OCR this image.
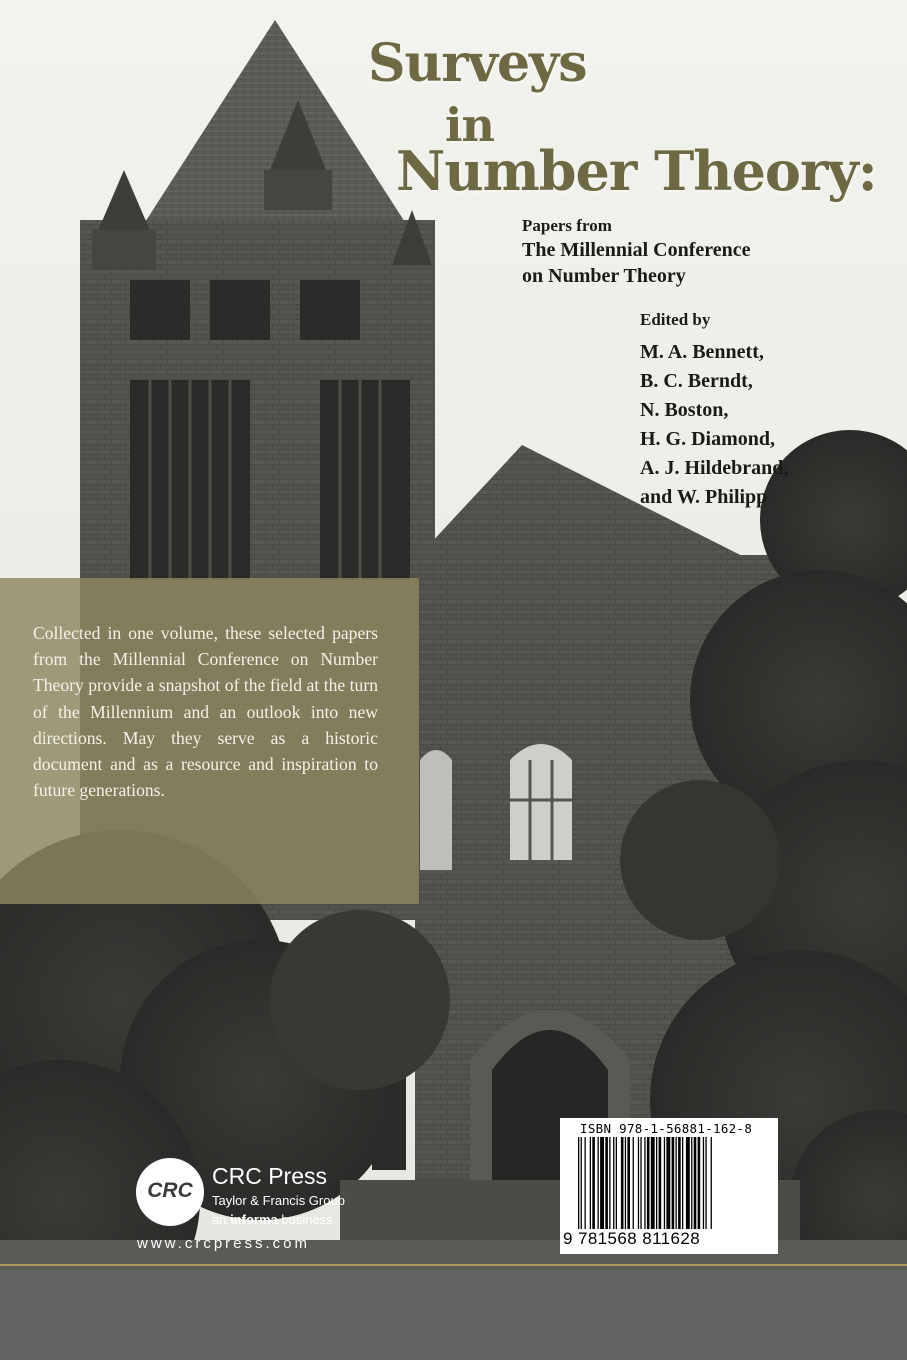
Surveys
in
Number Theory:
Papers from
The Millennial Conference
on Number Theory
Edited by
M. A. Bennett,
B. C. Berndt,
N. Boston,
H. G. Diamond,
A. J. Hildebrand,
and W. Philipp
Collected in one volume, these selected papers from the Millennial Conference on Number Theory provide a snapshot of the field at the turn of the Millennium and an outlook into new directions. May they serve as a historic document and as a resource and inspiration to future generations.
CRC
CRC Press
Taylor & Francis Group
an informa business
www.crcpress.com
ISBN 978-1-56881-162-8
9 781568 811628
